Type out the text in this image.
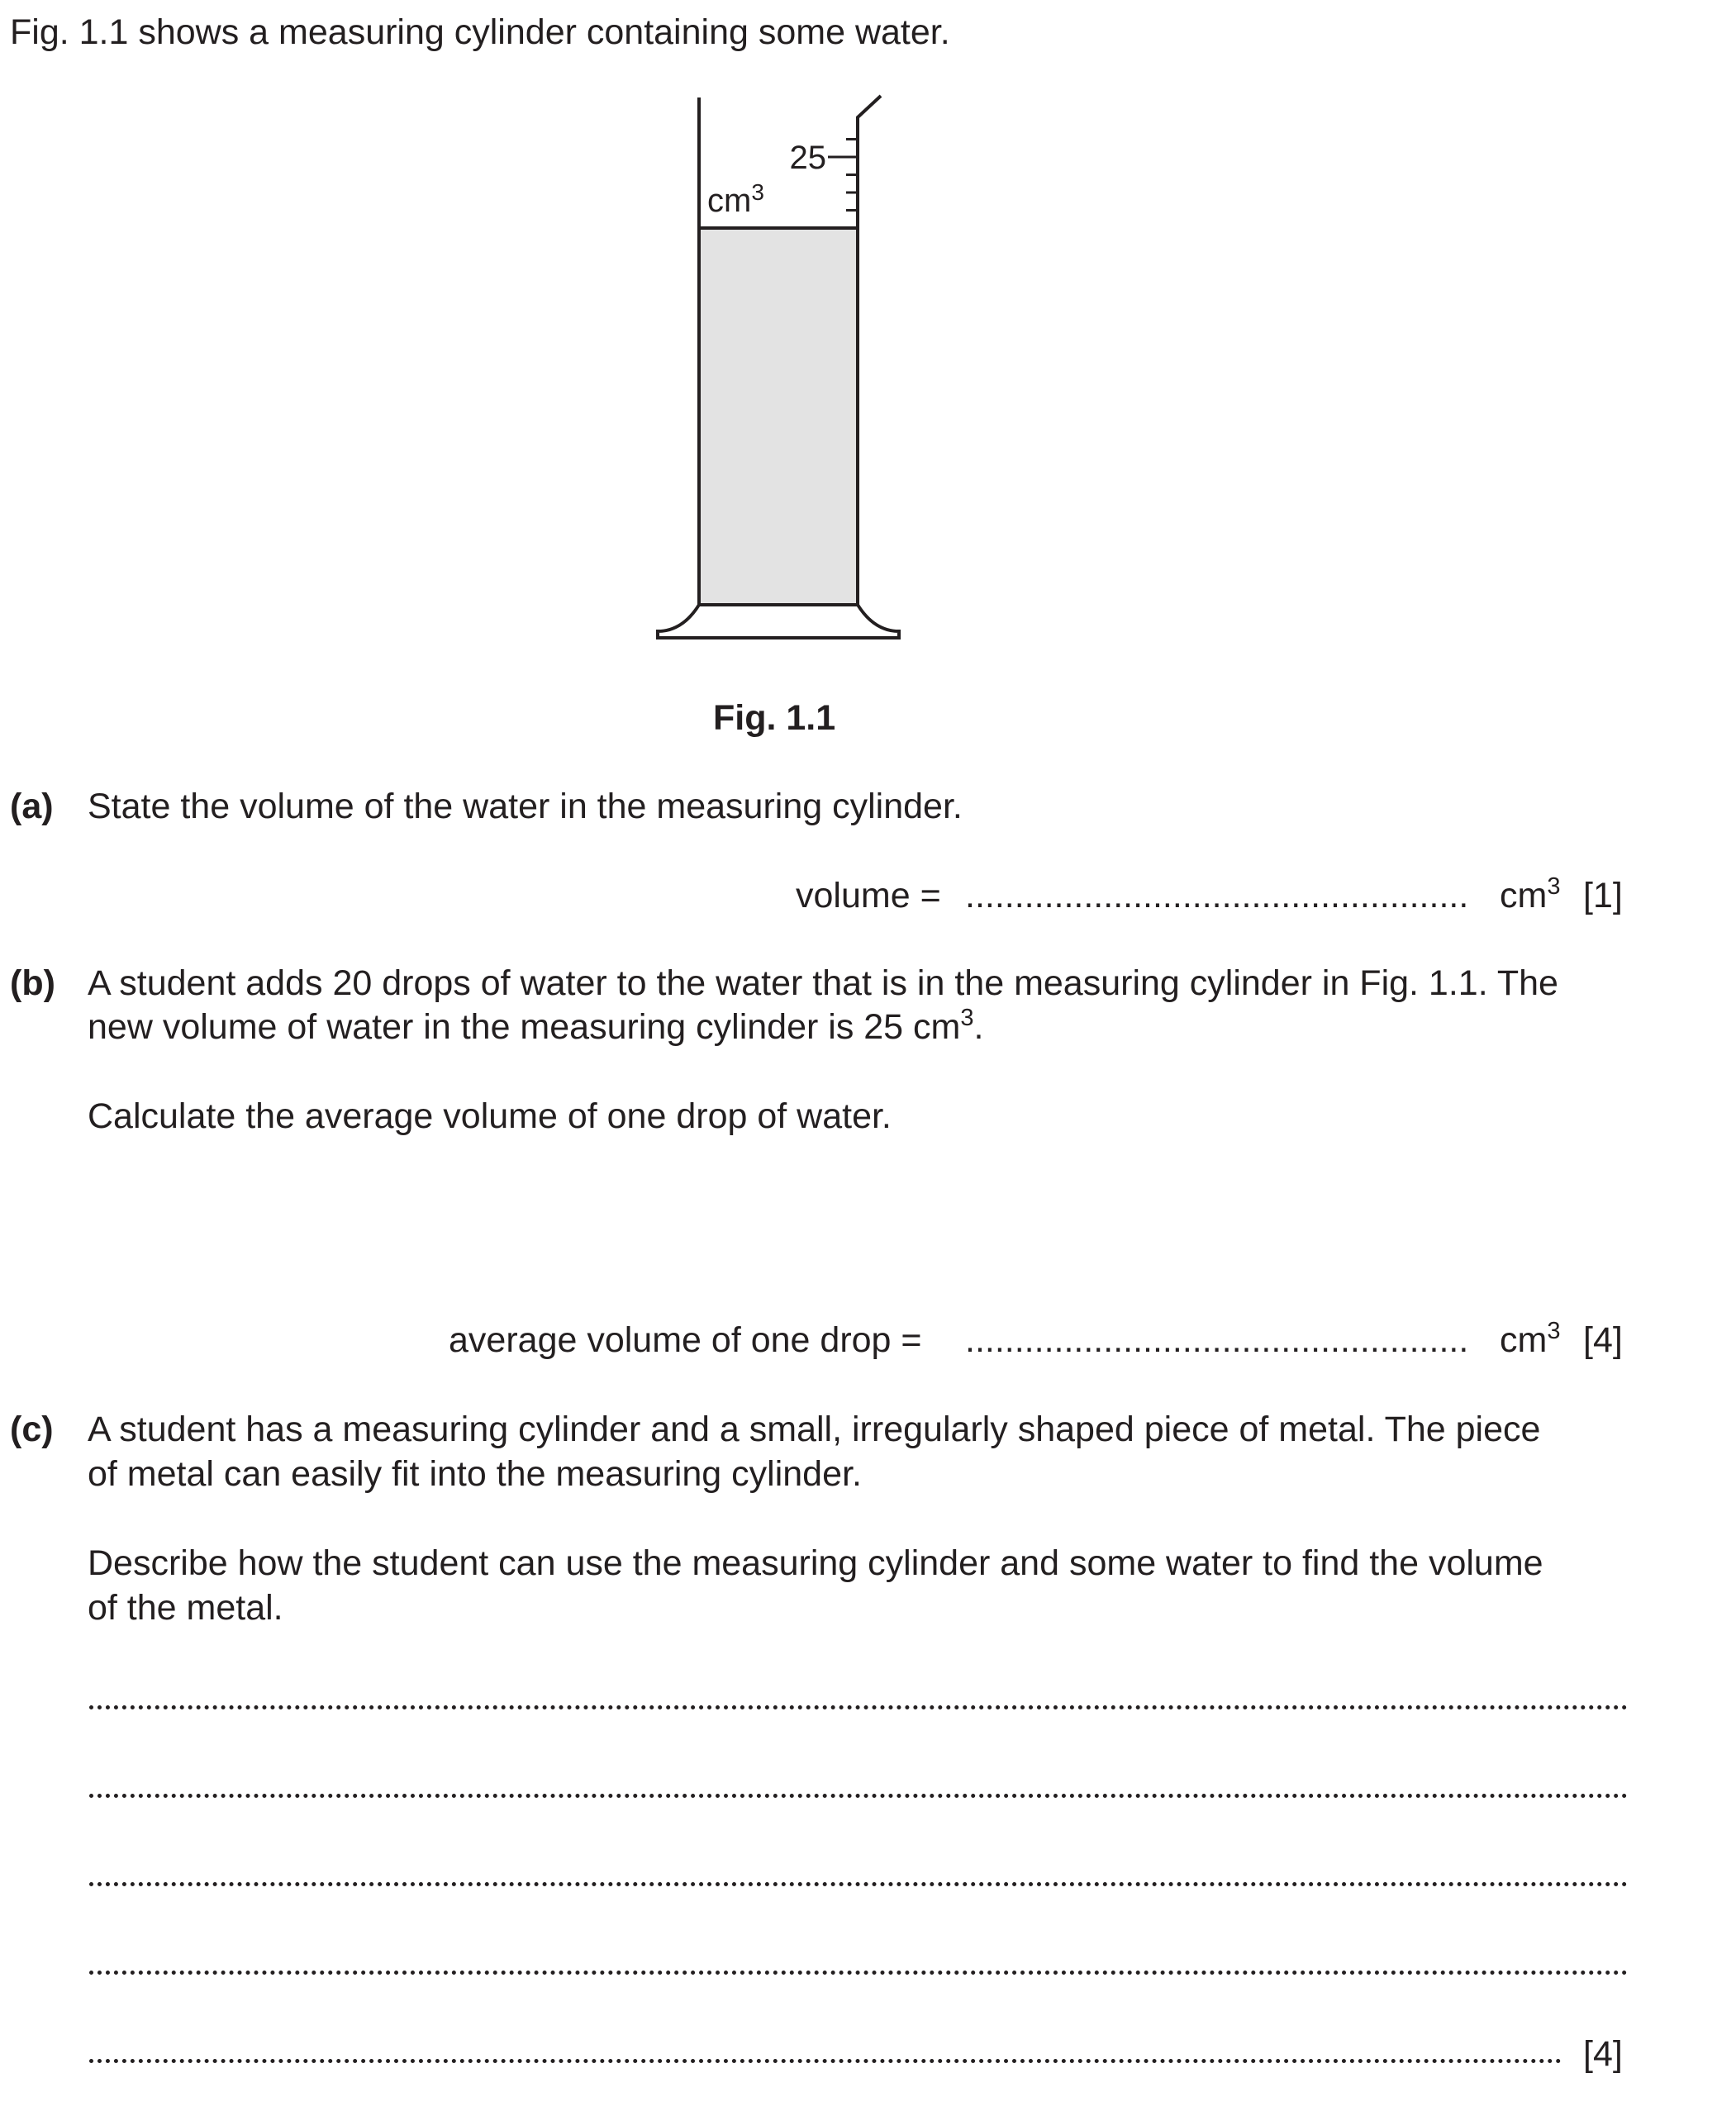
Fig. 1.1 shows a measuring cylinder containing some water.
25
$cm^3$
Fig. 1.1
(a) State the volume of the water in the measuring cylinder.
volume = ................................................... $cm^3$ [1]
(b) A student adds 20 drops of water to the water that is in the measuring cylinder in Fig. 1.1. The
new volume of water in the measuring cylinder is 25 $cm^3$.
Calculate the average volume of one drop of water.
average volume of one drop = ................................................... $cm^3$ [4]
(c) A student has a measuring cylinder and a small, irregularly shaped piece of metal. The piece
of metal can easily fit into the measuring cylinder.
Describe how the student can use the measuring cylinder and some water to find the volume
of the metal.
[4]
